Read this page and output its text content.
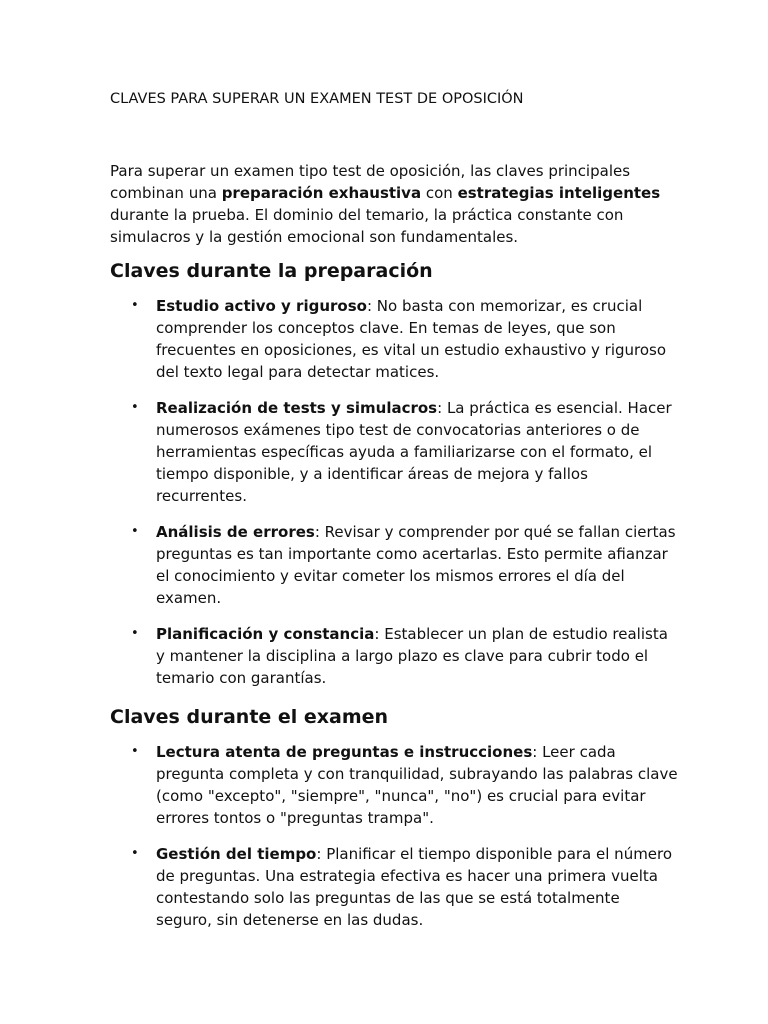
CLAVES PARA SUPERAR UN EXAMEN TEST DE OPOSICIÓN

Para superar un examen tipo test de oposición, las claves principales combinan una preparación exhaustiva con estrategias inteligentes durante la prueba. El dominio del temario, la práctica constante con simulacros y la gestión emocional son fundamentales.

Claves durante la preparación
• Estudio activo y riguroso: No basta con memorizar, es crucial comprender los conceptos clave. En temas de leyes, que son frecuentes en oposiciones, es vital un estudio exhaustivo y riguroso del texto legal para detectar matices.
• Realización de tests y simulacros: La práctica es esencial. Hacer numerosos exámenes tipo test de convocatorias anteriores o de herramientas específicas ayuda a familiarizarse con el formato, el tiempo disponible, y a identificar áreas de mejora y fallos recurrentes.
• Análisis de errores: Revisar y comprender por qué se fallan ciertas preguntas es tan importante como acertarlas. Esto permite afianzar el conocimiento y evitar cometer los mismos errores el día del examen.
• Planificación y constancia: Establecer un plan de estudio realista y mantener la disciplina a largo plazo es clave para cubrir todo el temario con garantías.
Claves durante el examen
• Lectura atenta de preguntas e instrucciones: Leer cada pregunta completa y con tranquilidad, subrayando las palabras clave (como "excepto", "siempre", "nunca", "no") es crucial para evitar errores tontos o "preguntas trampa".
• Gestión del tiempo: Planificar el tiempo disponible para el número de preguntas. Una estrategia efectiva es hacer una primera vuelta contestando solo las preguntas de las que se está totalmente seguro, sin detenerse en las dudas.
